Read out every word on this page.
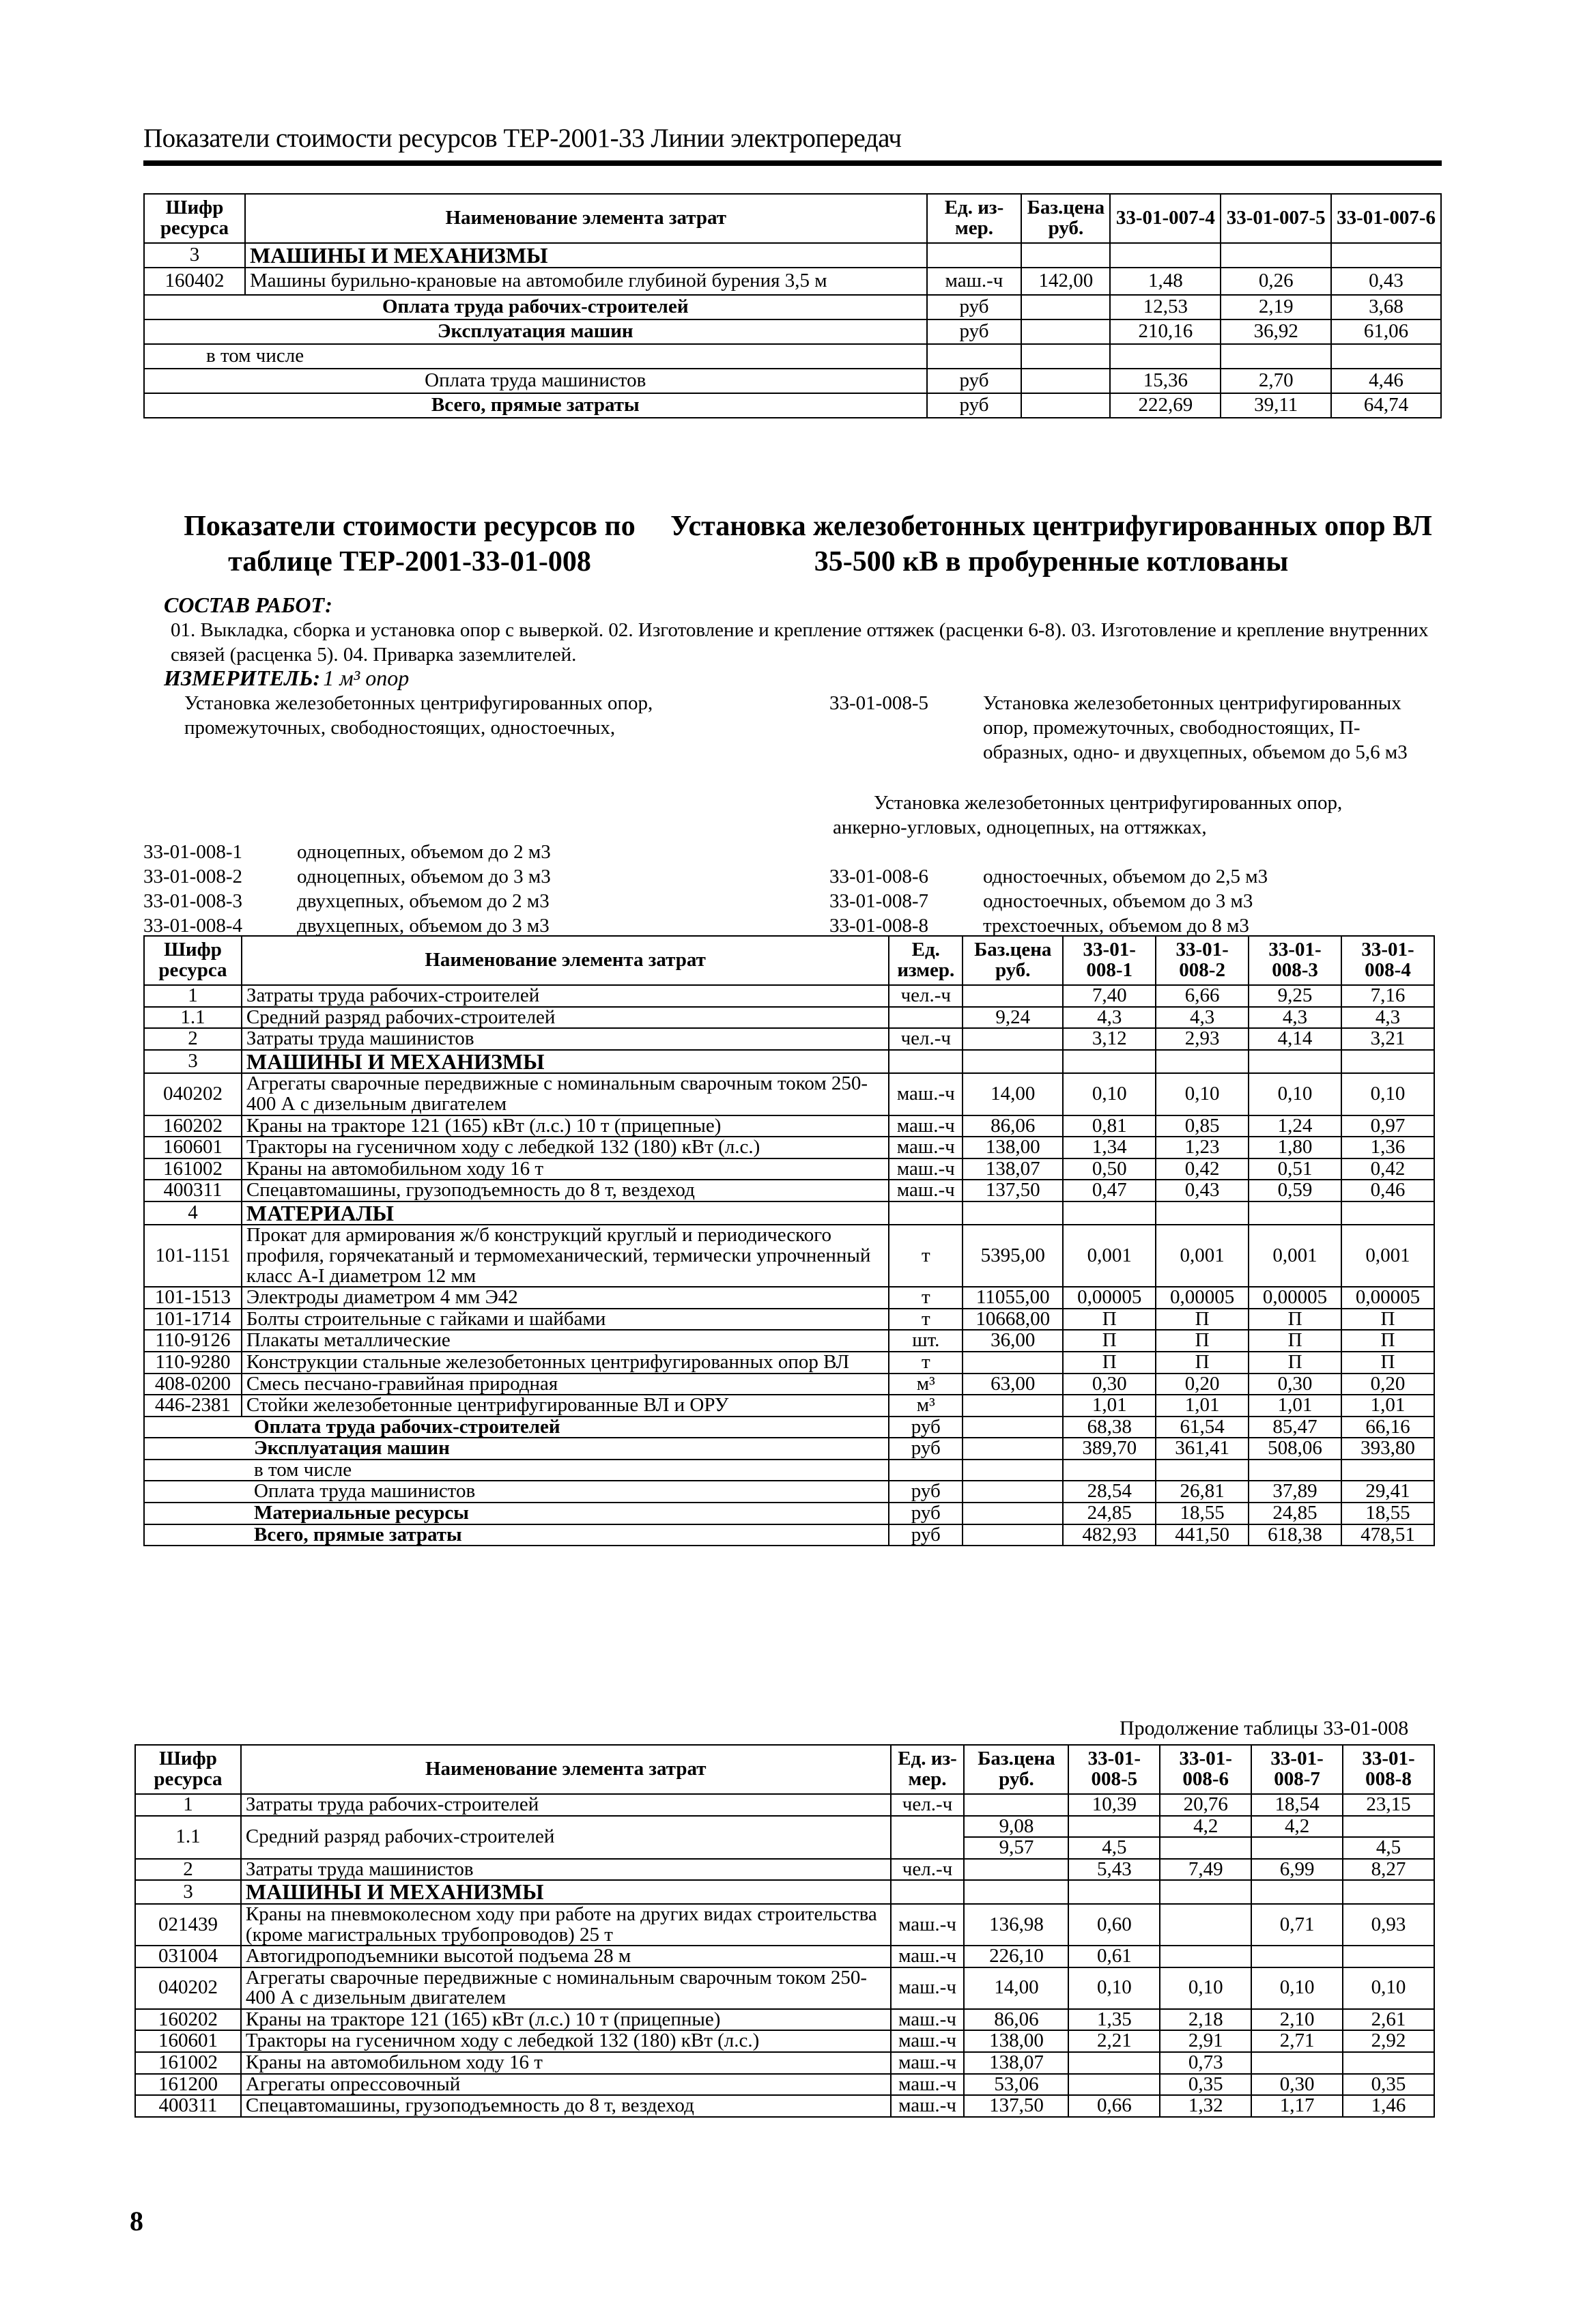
Показатели стоимости ресурсов ТЕР-2001-33 Линии электропередач
Шифр ресурса	Наименование элемента затрат	Ед. из-мер.	Баз.цена руб.	33-01-007-4	33-01-007-5	33-01-007-6
3	МАШИНЫ И МЕХАНИЗМЫ					
160402	Машины бурильно-крановые на автомобиле глубиной бурения 3,5 м	маш.-ч	142,00	1,48	0,26	0,43
Оплата труда рабочих-строителей		руб		12,53	2,19	3,68
Эксплуатация машин		руб		210,16	36,92	61,06
в том числе						
Оплата труда машинистов		руб		15,36	2,70	4,46
Всего, прямые затраты		руб		222,69	39,11	64,74
Показатели стоимости ресурсов по таблице ТЕР-2001-33-01-008
Установка железобетонных центрифугированных опор ВЛ 35-500 кВ в пробуренные котлованы
СОСТАВ РАБОТ:
01. Выкладка, сборка и установка опор с выверкой. 02. Изготовление и крепление оттяжек (расценки 6-8). 03. Изготовление и крепление внутренних связей (расценка 5). 04. Приварка заземлителей.
ИЗМЕРИТЕЛЬ: 1 м³ опор
Установка железобетонных центрифугированных опор, промежуточных, свободностоящих, одностоечных,
33-01-008-5	Установка железобетонных центрифугированных опор, промежуточных, свободностоящих, П-образных, одно- и двухцепных, объемом до 5,6 м3
Установка железобетонных центрифугированных опор,
анкерно-угловых, одноцепных, на оттяжках,
33-01-008-1	одноцепных, объемом до 2 м3
33-01-008-2	одноцепных, объемом до 3 м3
33-01-008-3	двухцепных, объемом до 2 м3
33-01-008-4	двухцепных, объемом до 3 м3
33-01-008-6	одностоечных, объемом до 2,5 м3
33-01-008-7	одностоечных, объемом до 3 м3
33-01-008-8	трехстоечных, объемом до 8 м3
Шифр ресурса	Наименование элемента затрат	Ед. измер.	Баз.цена руб.	33-01-008-1	33-01-008-2	33-01-008-3	33-01-008-4
1	Затраты труда рабочих-строителей	чел.-ч		7,40	6,66	9,25	7,16
1.1	Средний разряд рабочих-строителей		9,24	4,3	4,3	4,3	4,3
2	Затраты труда машинистов	чел.-ч		3,12	2,93	4,14	3,21
3	МАШИНЫ И МЕХАНИЗМЫ						
040202	Агрегаты сварочные передвижные с номинальным сварочным током 250-400 А с дизельным двигателем	маш.-ч	14,00	0,10	0,10	0,10	0,10
160202	Краны на тракторе 121 (165) кВт (л.с.) 10 т (прицепные)	маш.-ч	86,06	0,81	0,85	1,24	0,97
160601	Тракторы на гусеничном ходу с лебедкой 132 (180) кВт (л.с.)	маш.-ч	138,00	1,34	1,23	1,80	1,36
161002	Краны на автомобильном ходу 16 т	маш.-ч	138,07	0,50	0,42	0,51	0,42
400311	Спецавтомашины, грузоподъемность до 8 т, вездеход	маш.-ч	137,50	0,47	0,43	0,59	0,46
4	МАТЕРИАЛЫ						
101-1151	Прокат для армирования ж/б конструкций круглый и периодического профиля, горячекатаный и термомеханический, термически упрочненный класс А-I диаметром 12 мм	т	5395,00	0,001	0,001	0,001	0,001
101-1513	Электроды диаметром 4 мм Э42	т	11055,00	0,00005	0,00005	0,00005	0,00005
101-1714	Болты строительные с гайками и шайбами	т	10668,00	П	П	П	П
110-9126	Плакаты металлические	шт.	36,00	П	П	П	П
110-9280	Конструкции стальные железобетонных центрифугированных опор ВЛ	т		П	П	П	П
408-0200	Смесь песчано-гравийная природная	м³	63,00	0,30	0,20	0,30	0,20
446-2381	Стойки железобетонные центрифугированные ВЛ и ОРУ	м³		1,01	1,01	1,01	1,01
Оплата труда рабочих-строителей		руб		68,38	61,54	85,47	66,16
Эксплуатация машин		руб		389,70	361,41	508,06	393,80
в том числе							
Оплата труда машинистов		руб		28,54	26,81	37,89	29,41
Материальные ресурсы		руб		24,85	18,55	24,85	18,55
Всего, прямые затраты		руб		482,93	441,50	618,38	478,51
Продолжение таблицы 33-01-008
Шифр ресурса	Наименование элемента затрат	Ед. из-мер.	Баз.цена руб.	33-01-008-5	33-01-008-6	33-01-008-7	33-01-008-8
1	Затраты труда рабочих-строителей	чел.-ч		10,39	20,76	18,54	23,15
1.1	Средний разряд рабочих-строителей		9,08		4,2	4,2	
			9,57	4,5			4,5
2	Затраты труда машинистов	чел.-ч		5,43	7,49	6,99	8,27
3	МАШИНЫ И МЕХАНИЗМЫ						
021439	Краны на пневмоколесном ходу при работе на других видах строительства (кроме магистральных трубопроводов) 25 т	маш.-ч	136,98	0,60		0,71	0,93
031004	Автогидроподъемники высотой подъема 28 м	маш.-ч	226,10	0,61			
040202	Агрегаты сварочные передвижные с номинальным сварочным током 250-400 А с дизельным двигателем	маш.-ч	14,00	0,10	0,10	0,10	0,10
160202	Краны на тракторе 121 (165) кВт (л.с.) 10 т (прицепные)	маш.-ч	86,06	1,35	2,18	2,10	2,61
160601	Тракторы на гусеничном ходу с лебедкой 132 (180) кВт (л.с.)	маш.-ч	138,00	2,21	2,91	2,71	2,92
161002	Краны на автомобильном ходу 16 т	маш.-ч	138,07		0,73		
161200	Агрегаты опрессовочный	маш.-ч	53,06		0,35	0,30	0,35
400311	Спецавтомашины, грузоподъемность до 8 т, вездеход	маш.-ч	137,50	0,66	1,32	1,17	1,46
8
